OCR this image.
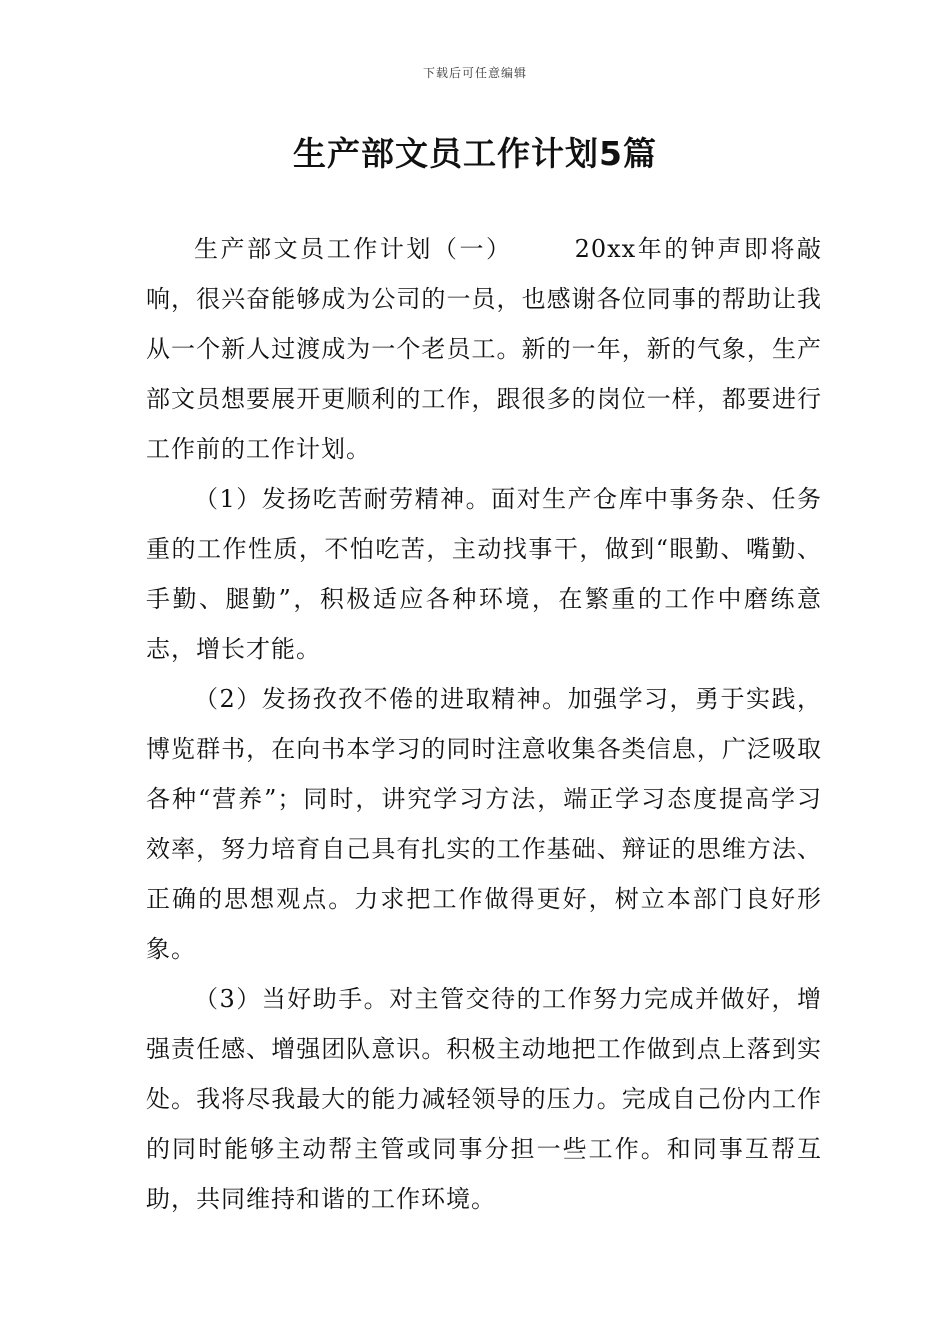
下载后可任意编辑
生产部文员工作计划5篇

生产部文员工作计划（一）	20xx年的钟声即将敲响，很兴奋能够成为公司的一员，也感谢各位同事的帮助让我从一个新人过渡成为一个老员工。新的一年，新的气象，生产部文员想要展开更顺利的工作，跟很多的岗位一样，都要进行工作前的工作计划。

（1）发扬吃苦耐劳精神。面对生产仓库中事务杂、任务重的工作性质，不怕吃苦，主动找事干，做到“眼勤、嘴勤、手勤、腿勤”，积极适应各种环境，在繁重的工作中磨练意志，增长才能。

（2）发扬孜孜不倦的进取精神。加强学习，勇于实践，博览群书，在向书本学习的同时注意收集各类信息，广泛吸取各种“营养”；同时，讲究学习方法，端正学习态度提高学习效率，努力培育自己具有扎实的工作基础、辩证的思维方法、正确的思想观点。力求把工作做得更好，树立本部门良好形象。

（3）当好助手。对主管交待的工作努力完成并做好，增强责任感、增强团队意识。积极主动地把工作做到点上落到实处。我将尽我最大的能力减轻领导的压力。完成自己份内工作的同时能够主动帮主管或同事分担一些工作。和同事互帮互助，共同维持和谐的工作环境。
